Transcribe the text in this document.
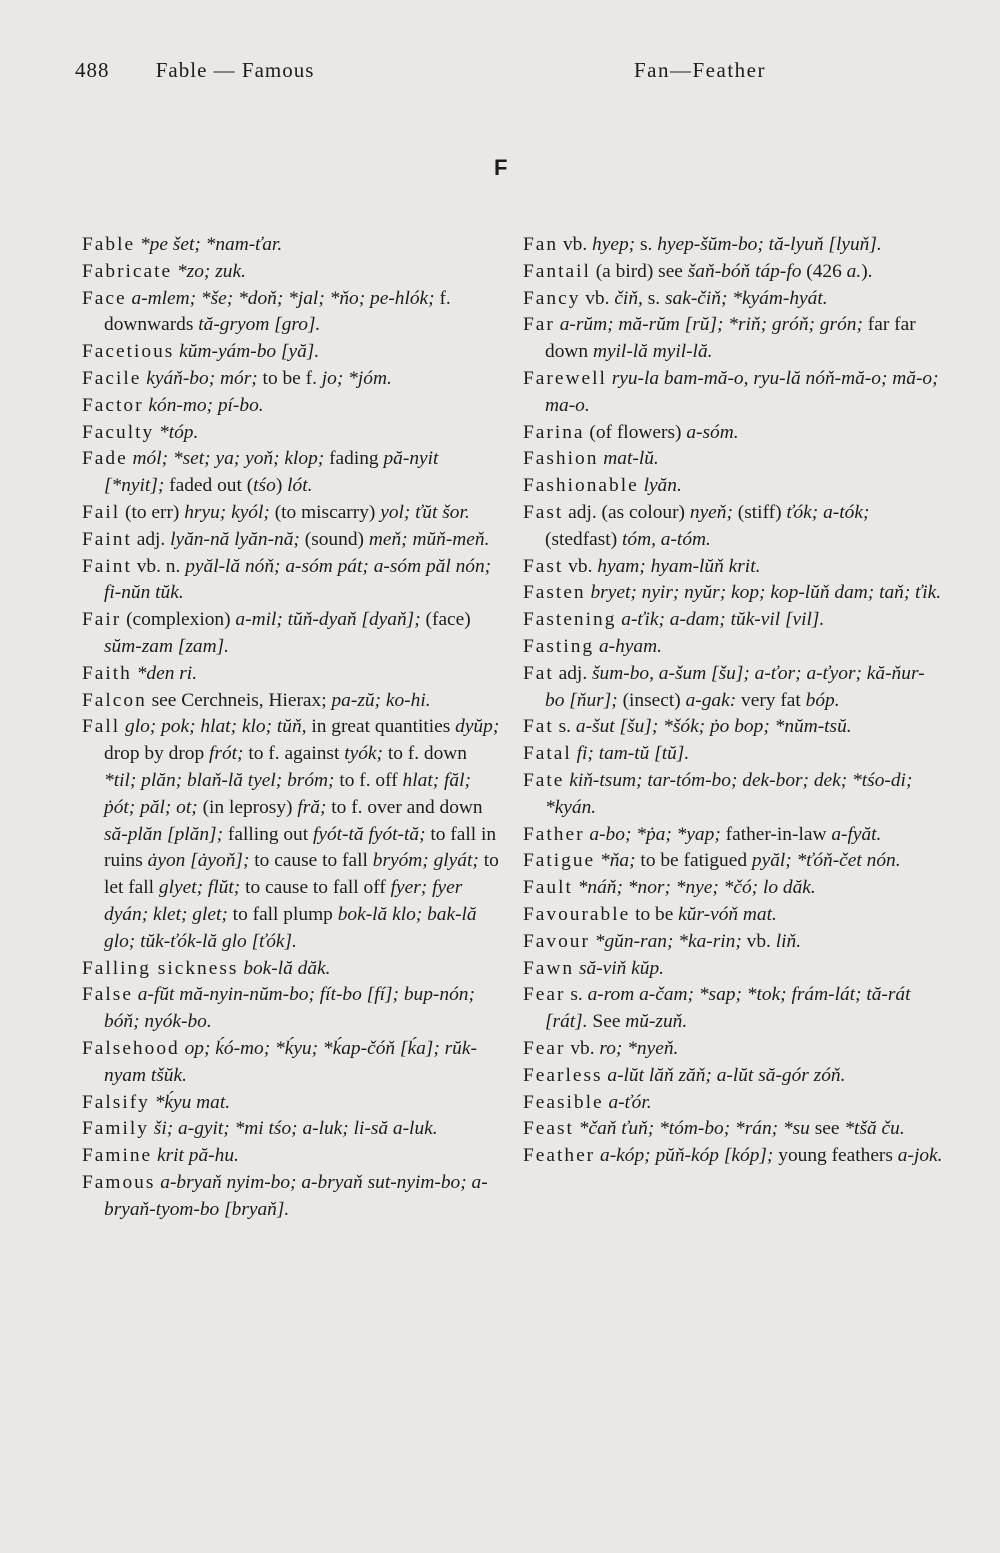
488 Fable — Famous	Fan—Feather
F

Fable *pe šet; *nam-ťar.

Fabricate *zo; zuk.

Face a-mlem; *še; *doň; *jal; *ňo; pe-hlók; f. downwards tă-gryom [gro].

Facetious kŭm-yám-bo [yă].

Facile kyáň-bo; mór; to be f. jo; *jóm.

Factor kón-mo; pí-bo.

Faculty *tóp.

Fade mól; *set; ya; yoň; klop; fading pă-nyit [*nyit]; faded out (tśo) lót.

Fail (to err) hryu; kyól; (to miscarry) yol; ťŭt šor.

Faint adj. lyăn-nă lyăn-nă; (sound) meň; mŭň-meň.

Faint vb. n. pyăl-lă nóň; a-sóm pát; a-sóm păl nón; fi-nŭn tŭk.

Fair (complexion) a-mil; tŭň-dyaň [dyaň]; (face) sŭm-zam [zam].

Faith *den ri.

Falcon see Cerchneis, Hierax; pa-zŭ; ko-hi.

Fall glo; pok; hlat; klo; tŭň, in great quantities dyŭp; drop by drop frót; to f. against tyók; to f. down *til; plăn; blaň-lă tyel; bróm; to f. off hlat; făl; ṗót; păl; ot; (in leprosy) fră; to f. over and down să-plăn [plăn]; falling out fyót-tă fyót-tă; to fall in ruins ȧyon [ȧyoň]; to cause to fall bryóm; glyát; to let fall glyet; flŭt; to cause to fall off fyer; fyer dyán; klet; glet; to fall plump bok-lă klo; bak-lă glo; tŭk-ťók-lă glo [ťók].

Falling sickness bok-lă dăk.

False a-fŭt mă-nyin-nŭm-bo; fít-bo [fí]; bup-nón; bóň; nyók-bo.

Falsehood op; ḱó-mo; *ḱyu; *ḱap-čóň [ḱa]; rŭk-nyam tšŭk.

Falsify *ḱyu mat.

Family ši; a-gyit; *mi tśo; a-luk; li-să a-luk.

Famine krit pă-hu.

Famous a-bryaň nyim-bo; a-bryaň sut-nyim-bo; a-bryaň-tyom-bo [bryaň].

Fan vb. hyep; s. hyep-šŭm-bo; tă-lyuň [lyuň].

Fantail (a bird) see šaň-bóň táp-fo (426 a.).

Fancy vb. čiň, s. sak-čiň; *kyám-hyát.

Far a-rŭm; mă-rŭm [rŭ]; *riň; gróň; grón; far far down myil-lă myil-lă.

Farewell ryu-la bam-mă-o, ryu-lă nóň-mă-o; mă-o; ma-o.

Farina (of flowers) a-sóm.

Fashion mat-lŭ.

Fashionable lyăn.

Fast adj. (as colour) nyeň; (stiff) ťók; a-tók; (stedfast) tóm, a-tóm.

Fast vb. hyam; hyam-lŭň krit.

Fasten bryet; nyir; nyŭr; kop; kop-lŭň dam; taň; ťik.

Fastening a-ťik; a-dam; tŭk-vil [vil].

Fasting a-hyam.

Fat adj. šum-bo, a-šum [šu]; a-ťor; a-ťyor; kă-ňur-bo [ňur]; (insect) a-gak: very fat bóp.

Fat s. a-šut [šu]; *šók; ṗo bop; *nŭm-tsŭ.

Fatal fi; tam-tŭ [tŭ].

Fate kiň-tsum; tar-tóm-bo; dek-bor; dek; *tśo-di; *kyán.

Father a-bo; *ṗa; *yap; father-in-law a-fyăt.

Fatigue *ňa; to be fatigued pyăl; *ťóň-čet nón.

Fault *náň; *nor; *nye; *čó; lo dăk.

Favourable to be kŭr-vóň mat.

Favour *gŭn-ran; *ka-rin; vb. liň.

Fawn să-viň kŭp.

Fear s. a-rom a-čam; *sap; *tok; frám-lát; tă-rát [rát]. See mŭ-zuň.

Fear vb. ro; *nyeň.

Fearless a-lŭt lăň zăň; a-lŭt să-gór zóň.

Feasible a-ťór.

Feast *čaň ťuň; *tóm-bo; *rán; *su see *tšă ču.

Feather a-kóp; pŭň-kóp [kóp]; young feathers a-jok.
